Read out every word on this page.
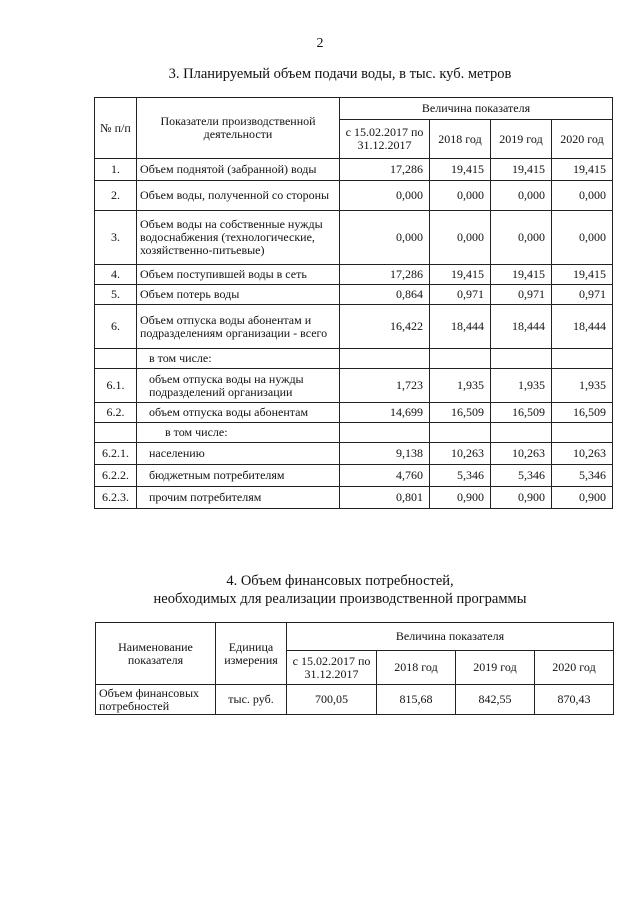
2
3. Планируемый объем подачи воды, в тыс. куб. метров
№ п/п	Показатели производственной деятельности	Величина показателя			
		с 15.02.2017 по 31.12.2017	2018 год	2019 год	2020 год
1.	Объем поднятой (забранной) воды	17,286	19,415	19,415	19,415
2.	Объем воды, полученной со стороны	0,000	0,000	0,000	0,000
3.	Объем воды на собственные нужды водоснабжения (технологические, хозяйственно-питьевые)	0,000	0,000	0,000	0,000
4.	Объем поступившей воды в сеть	17,286	19,415	19,415	19,415
5.	Объем потерь воды	0,864	0,971	0,971	0,971
6.	Объем отпуска воды абонентам и подразделениям организации - всего	16,422	18,444	18,444	18,444
	в том числе:				
6.1.	объем отпуска воды на нужды подразделений организации	1,723	1,935	1,935	1,935
6.2.	объем отпуска воды абонентам	14,699	16,509	16,509	16,509
	в том числе:				
6.2.1.	населению	9,138	10,263	10,263	10,263
6.2.2.	бюджетным потребителям	4,760	5,346	5,346	5,346
6.2.3.	прочим потребителям	0,801	0,900	0,900	0,900
4. Объем финансовых потребностей,
необходимых для реализации производственной программы
Наименование показателя	Единица измерения	Величина показателя			
		с 15.02.2017 по 31.12.2017	2018 год	2019 год	2020 год
Объем финансовых потребностей	тыс. руб.	700,05	815,68	842,55	870,43
